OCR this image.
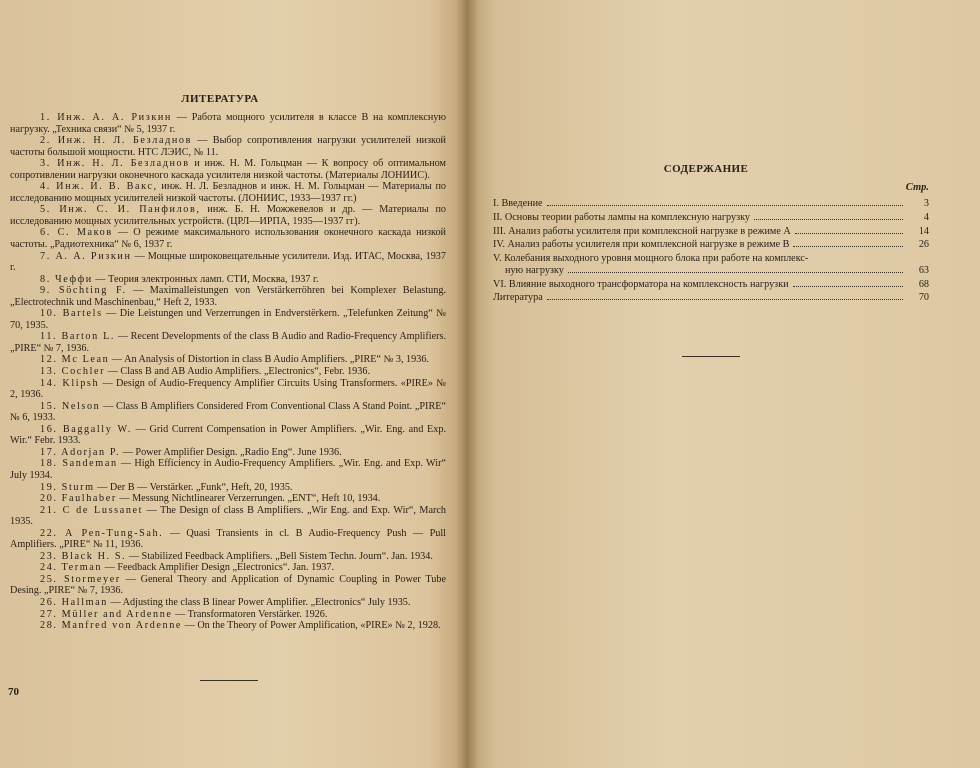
ЛИТЕРАТУРА

1. Инж. А. А. Ризкин — Работа мощного усилителя в классе B на комплексную нагрузку. „Техника связи“ № 5, 1937 г.

2. Инж. Н. Л. Безладнов — Выбор сопротивления нагрузки усилителей низкой частоты большой мощности. НТС ЛЭИС, № 11.

3. Инж. Н. Л. Безладнов и инж. Н. М. Гольцман — К вопросу об оптимальном сопротивлении нагрузки оконечного каскада усилителя низкой частоты. (Материалы ЛОНИИС).

4. Инж. И. В. Вакс, инж. Н. Л. Безладнов и инж. Н. М. Гольцман — Материалы по исследованию мощных усилителей низкой частоты. (ЛОНИИС, 1933—1937 гг.)

5. Инж. С. И. Панфилов, инж. Б. Н. Можжевелов и др. — Материалы по исследованию мощных усилительных устройств. (ЦРЛ—ИРПА, 1935—1937 гг).

6. С. Маков — О режиме максимального использования оконечного каскада низкой частоты. „Радиотехника“ № 6, 1937 г.

7. А. А. Ризкин — Мощные широковещательные усилители. Изд. ИТАС, Москва, 1937 г.

8. Чеффи — Теория электронных ламп. СТИ, Москва, 1937 г.

9. Söchting F. — Maximalleistungen von Verstärkerröhren bei Komplexer Belastung. „Electrotechnik und Maschinenbau,“ Heft 2, 1933.

10. Bartels — Die Leistungen und Verzerrungen in Endverstërkern. „Telefunken Zeitung“ № 70, 1935.

11. Barton L. — Recent Developments of the class B Audio and Radio-Frequency Amplifiers. „PIRE“ № 7, 1936.

12. Mc Lean — An Analysis of Distortion in class B Audio Amplifiers. „PIRE“ № 3, 1936.

13. Cochler — Class B and AB Audio Amplifiers. „Electronics“, Febr. 1936.

14. Klipsh — Design of Audio-Frequency Amplifier Circuits Using Transformers. «PIRE» № 2, 1936.

15. Nelson — Class B Amplifiers Considered From Conventional Class A Stand Point. „PIRE“ № 6, 1933.

16. Baggally W. — Grid Current Compensation in Power Amplifiers. „Wir. Eng. and Exp. Wir.“ Febr. 1933.

17. Adorjan P. — Power Amplifier Design. „Radio Eng“. June 1936.

18. Sandeman — High Efficiency in Audio-Frequency Amplifiers. „Wir. Eng. and Exp. Wir“ July 1934.

19. Sturm — Der B — Verstärker. „Funk“, Heft, 20, 1935.

20. Faulhaber — Messung Nichtlinearer Verzerrungen. „ENT“, Heft 10, 1934.

21. C de Lussanet — The Design of class B Amplifiers. „Wir Eng. and Exp. Wir“, March 1935.

22. A Pen-Tung-Sah. — Quasi Transients in cl. B Audio-Frequency Push — Pull Amplifiers. „PIRE“ № 11, 1936.

23. Black H. S. — Stabilized Feedback Amplifiers. „Bell Sistem Techn. Journ“. Jan. 1934.

24. Terman — Feedback Amplifier Design „Electronics“. Jan. 1937.

25. Stormeyer — General Theory and Application of Dynamic Coupling in Power Tube Desing. „PIRE“ № 7, 1936.

26. Hallman — Adjusting the class B linear Power Amplifier. „Electronics“ July 1935.

27. Müller and Ardenne — Transformatoren Verstärker. 1926.

28. Manfred von Ardenne — On the Theory of Power Amplification, «PIRE» № 2, 1928.

70
СОДЕРЖАНИЕ
Стр.
I. Введение	3
II. Основы теории работы лампы на комплексную нагрузку	4
III. Анализ работы усилителя при комплексной нагрузке в режиме А	14
IV. Анализ работы усилителя при комплексной нагрузке в режиме В	26
V. Колебания выходного уровня мощного блока при работе на комплекс-
ную нагрузку	63
VI. Влияние выходного трансформатора на комплексность нагрузки	68
Литература	70
